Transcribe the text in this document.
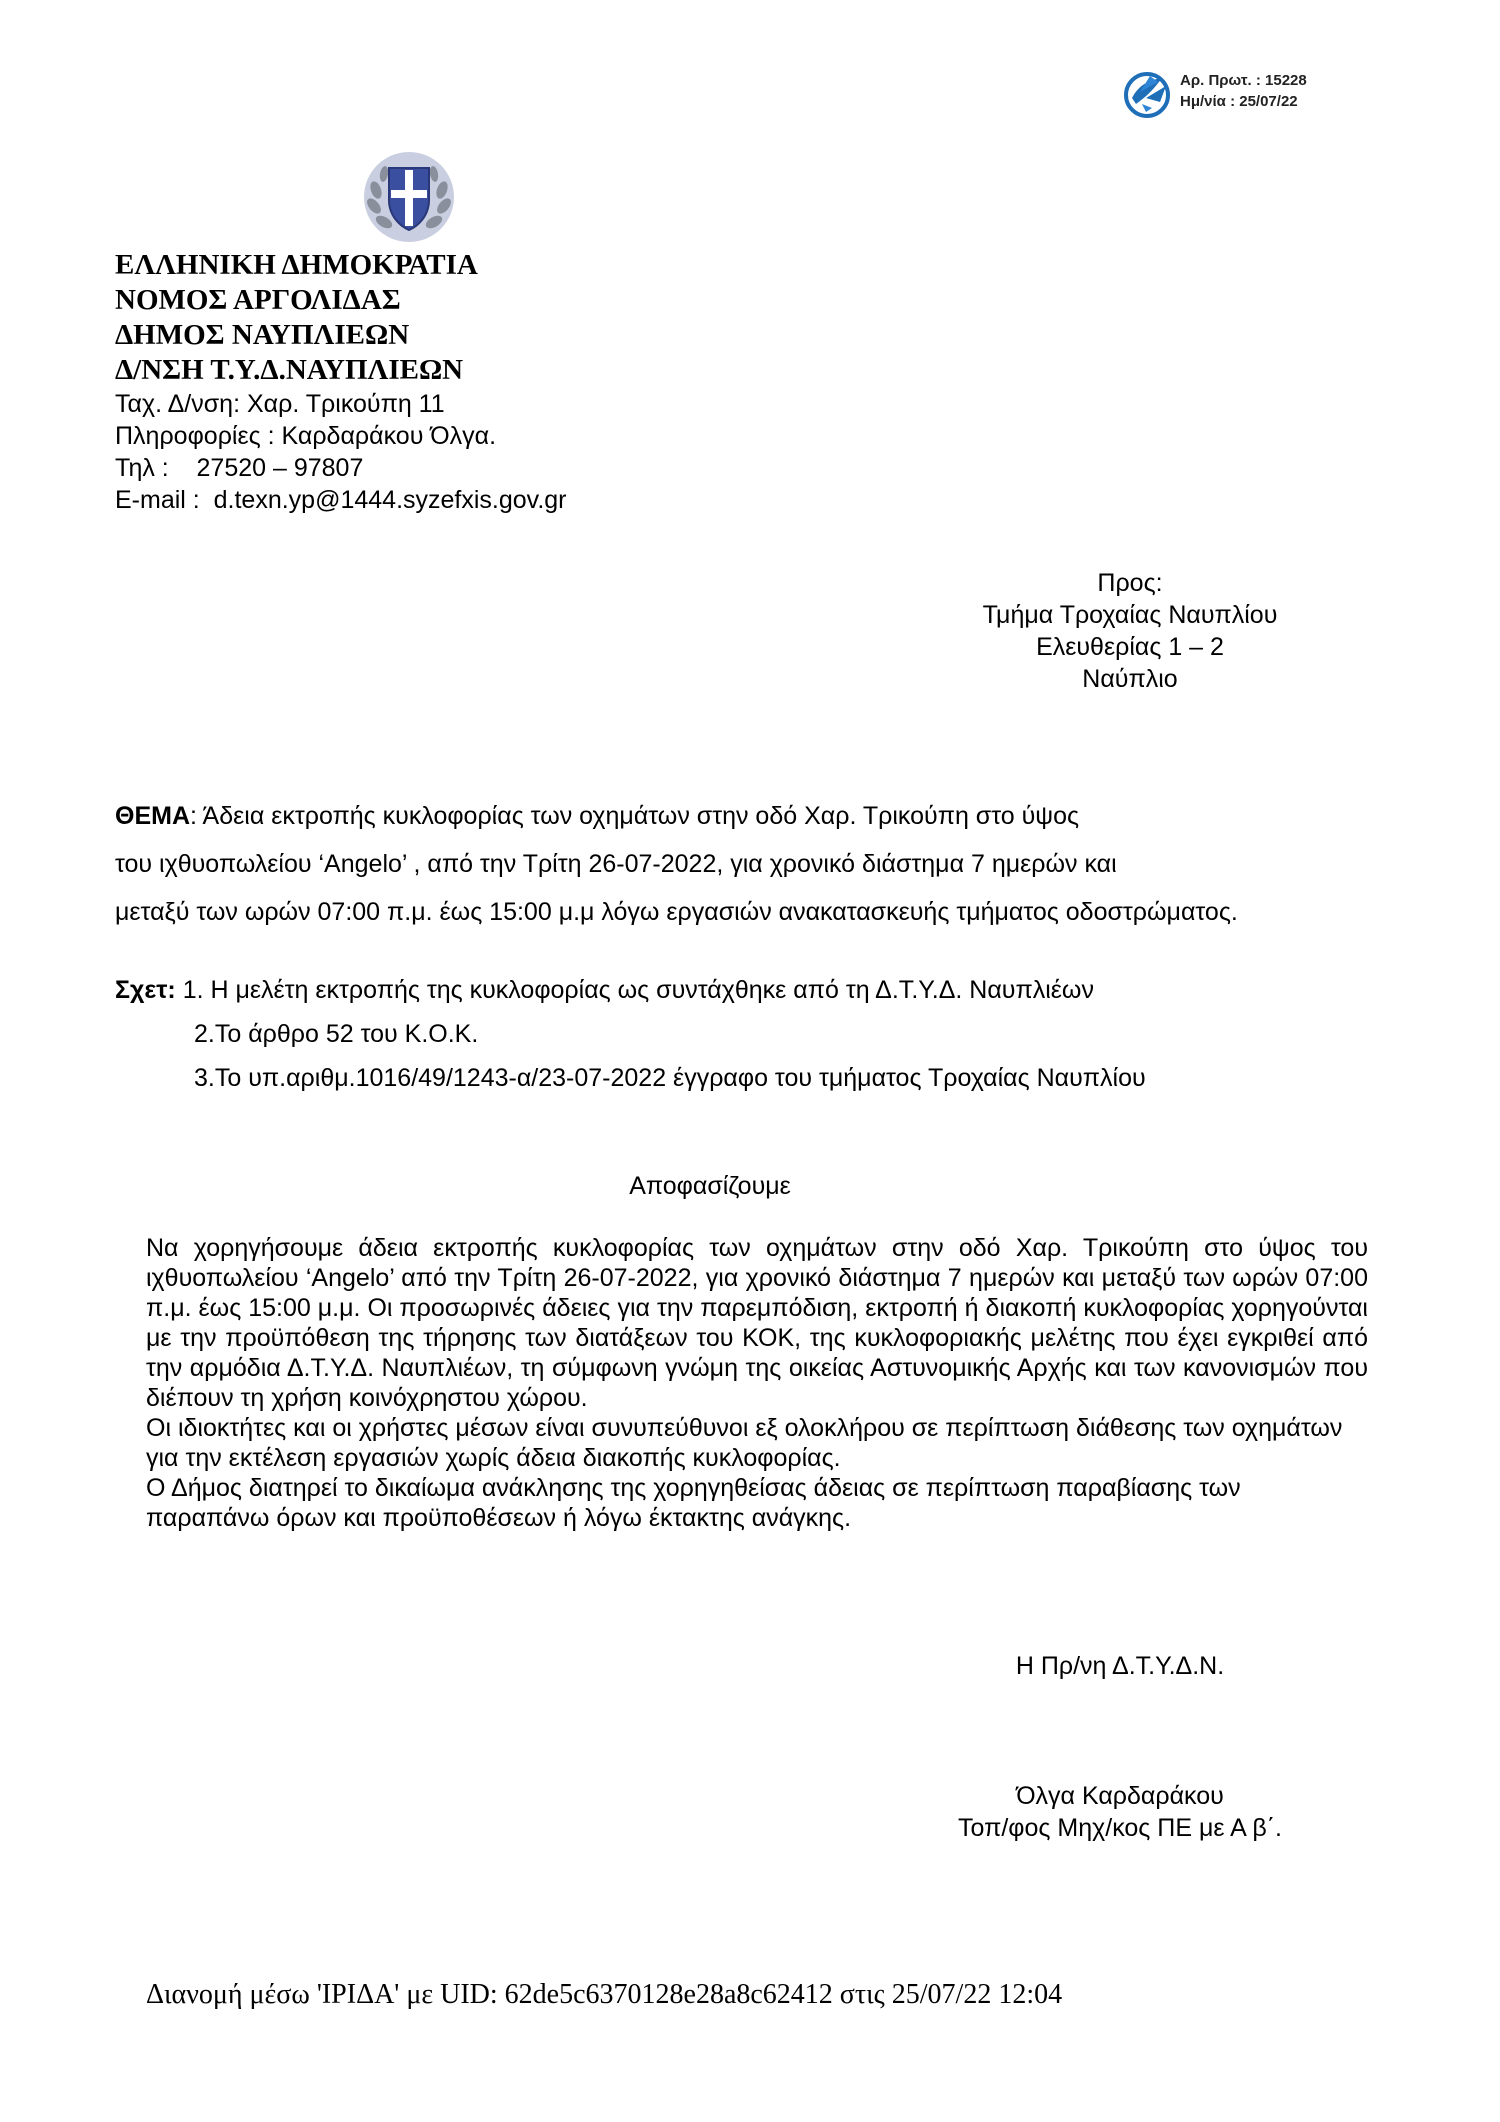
Αρ. Πρωτ. : 15228
Ημ/νία : 25/07/22
ΕΛΛΗΝΙΚΗ ΔΗΜΟΚΡΑΤΙΑ
ΝΟΜΟΣ ΑΡΓΟΛΙΔΑΣ
ΔΗΜΟΣ ΝΑΥΠΛΙΕΩΝ
Δ/ΝΣΗ Τ.Υ.Δ.ΝΑΥΠΛΙΕΩΝ
Ταχ. Δ/νση: Χαρ. Τρικούπη 11
Πληροφορίες : Καρδαράκου Όλγα.
Τηλ :    27520 – 97807
E-mail :  d.texn.yp@1444.syzefxis.gov.gr
Προς:
Τμήμα Τροχαίας Ναυπλίου
Ελευθερίας 1 – 2
Ναύπλιο
ΘΕΜΑ: Άδεια εκτροπής κυκλοφορίας των οχημάτων στην οδό Χαρ. Τρικούπη στο ύψος
του ιχθυοπωλείου ‘Angelo’ , από την Τρίτη 26-07-2022, για χρονικό διάστημα 7 ημερών και
μεταξύ των ωρών 07:00 π.μ. έως 15:00 μ.μ λόγω εργασιών ανακατασκευής τμήματος οδοστρώματος.
Σχετ: 1. Η μελέτη εκτροπής της κυκλοφορίας ως συντάχθηκε από τη Δ.Τ.Υ.Δ. Ναυπλιέων
2.Το άρθρο 52 του Κ.Ο.Κ.
3.Το υπ.αριθμ.1016/49/1243-α/23-07-2022 έγγραφο του τμήματος Τροχαίας Ναυπλίου
Αποφασίζουμε

Να χορηγήσουμε άδεια εκτροπής κυκλοφορίας των οχημάτων στην οδό Χαρ. Τρικούπη στο ύψος του ιχθυοπωλείου ‘Angelo’ από την Τρίτη 26-07-2022, για χρονικό διάστημα 7 ημερών και μεταξύ των ωρών 07:00 π.μ. έως 15:00 μ.μ. Οι προσωρινές άδειες για την παρεμπόδιση, εκτροπή ή διακοπή κυκλοφορίας χορηγούνται με την προϋπόθεση της τήρησης των διατάξεων του ΚΟΚ, της κυκλοφοριακής μελέτης που έχει εγκριθεί από την αρμόδια Δ.Τ.Υ.Δ. Ναυπλιέων, τη σύμφωνη γνώμη της οικείας Αστυνομικής Αρχής και των κανονισμών που διέπουν τη χρήση κοινόχρηστου χώρου.

Οι ιδιοκτήτες και οι χρήστες μέσων είναι συνυπεύθυνοι εξ ολοκλήρου σε περίπτωση διάθεσης των οχημάτων για την εκτέλεση εργασιών χωρίς άδεια διακοπής κυκλοφορίας.

Ο Δήμος διατηρεί το δικαίωμα ανάκλησης της χορηγηθείσας άδειας σε περίπτωση παραβίασης των παραπάνω όρων και προϋποθέσεων ή λόγω έκτακτης ανάγκης.

Η Πρ/νη Δ.Τ.Υ.Δ.Ν.
Όλγα Καρδαράκου
Τοπ/φος Μηχ/κος ΠΕ με Α β΄.
Διανομή μέσω 'ΙΡΙΔΑ' με UID: 62de5c6370128e28a8c62412 στις 25/07/22 12:04
